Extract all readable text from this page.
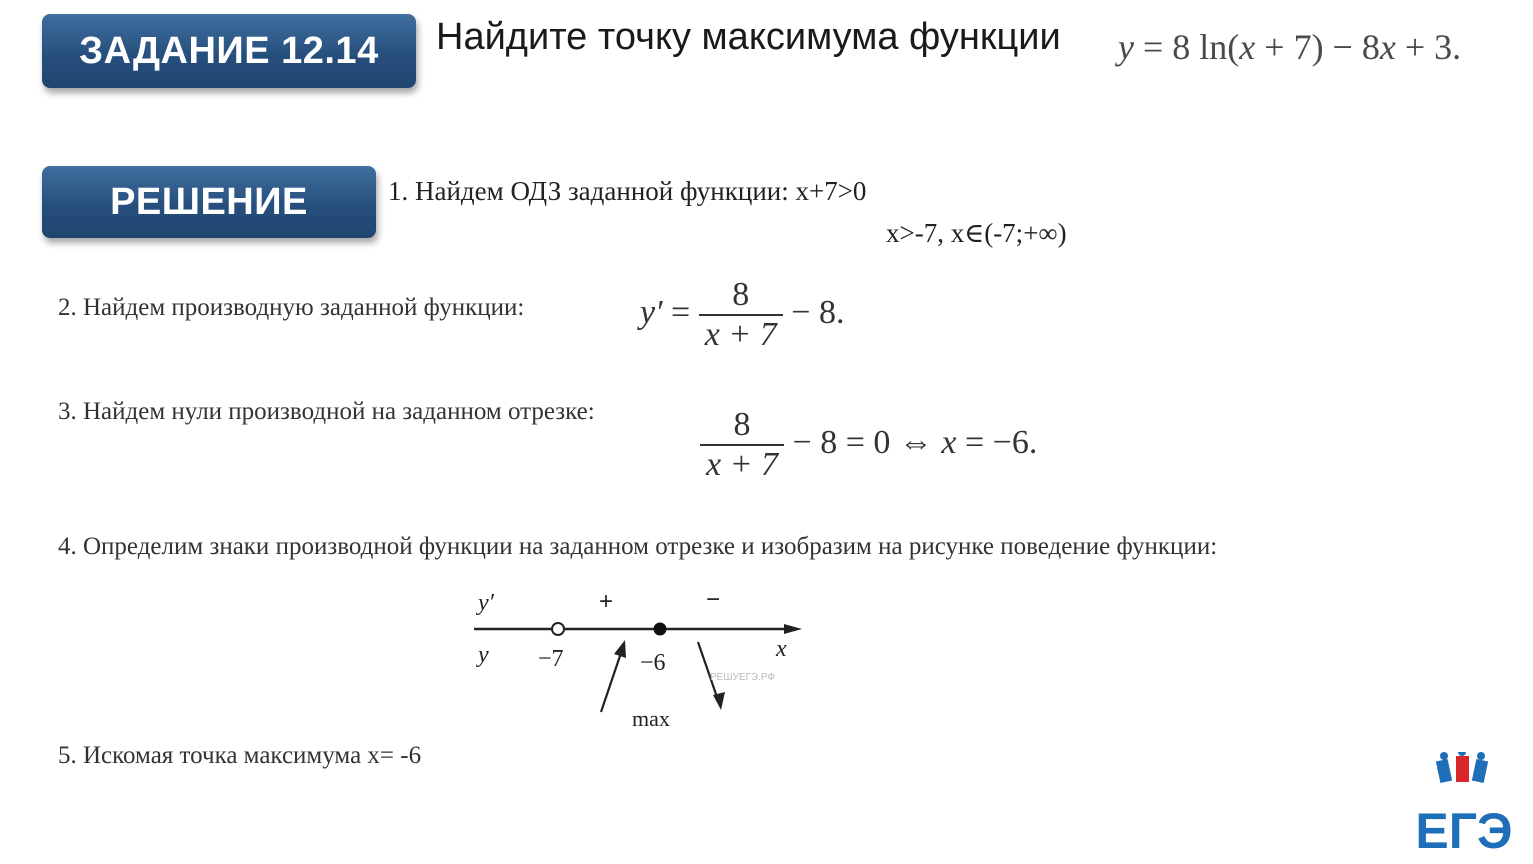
ЗАДАНИЕ 12.14	Найдите точку максимума функции y = 8 ln(x + 7) − 8x + 3.
РЕШЕНИЕ	1. Найдем ОДЗ заданной функции: х+7>0
х>-7, х∈(-7;+∞)
2. Найдем производную заданной функции:	$y' = \frac{8}{x + 7} - 8$.
3. Найдем нули производной на заданном отрезке:	$\frac{8}{x + 7} - 8 = 0$ ⇔ x = −6.
4. Определим знаки производной функции на заданном отрезке и изобразим на рисунке поведение функции:
y′
y	x
+	−
−7	−6
max
РЕШУЕГЭ.РФ
5. Искомая точка максимума х= -6
ЕГЭ
